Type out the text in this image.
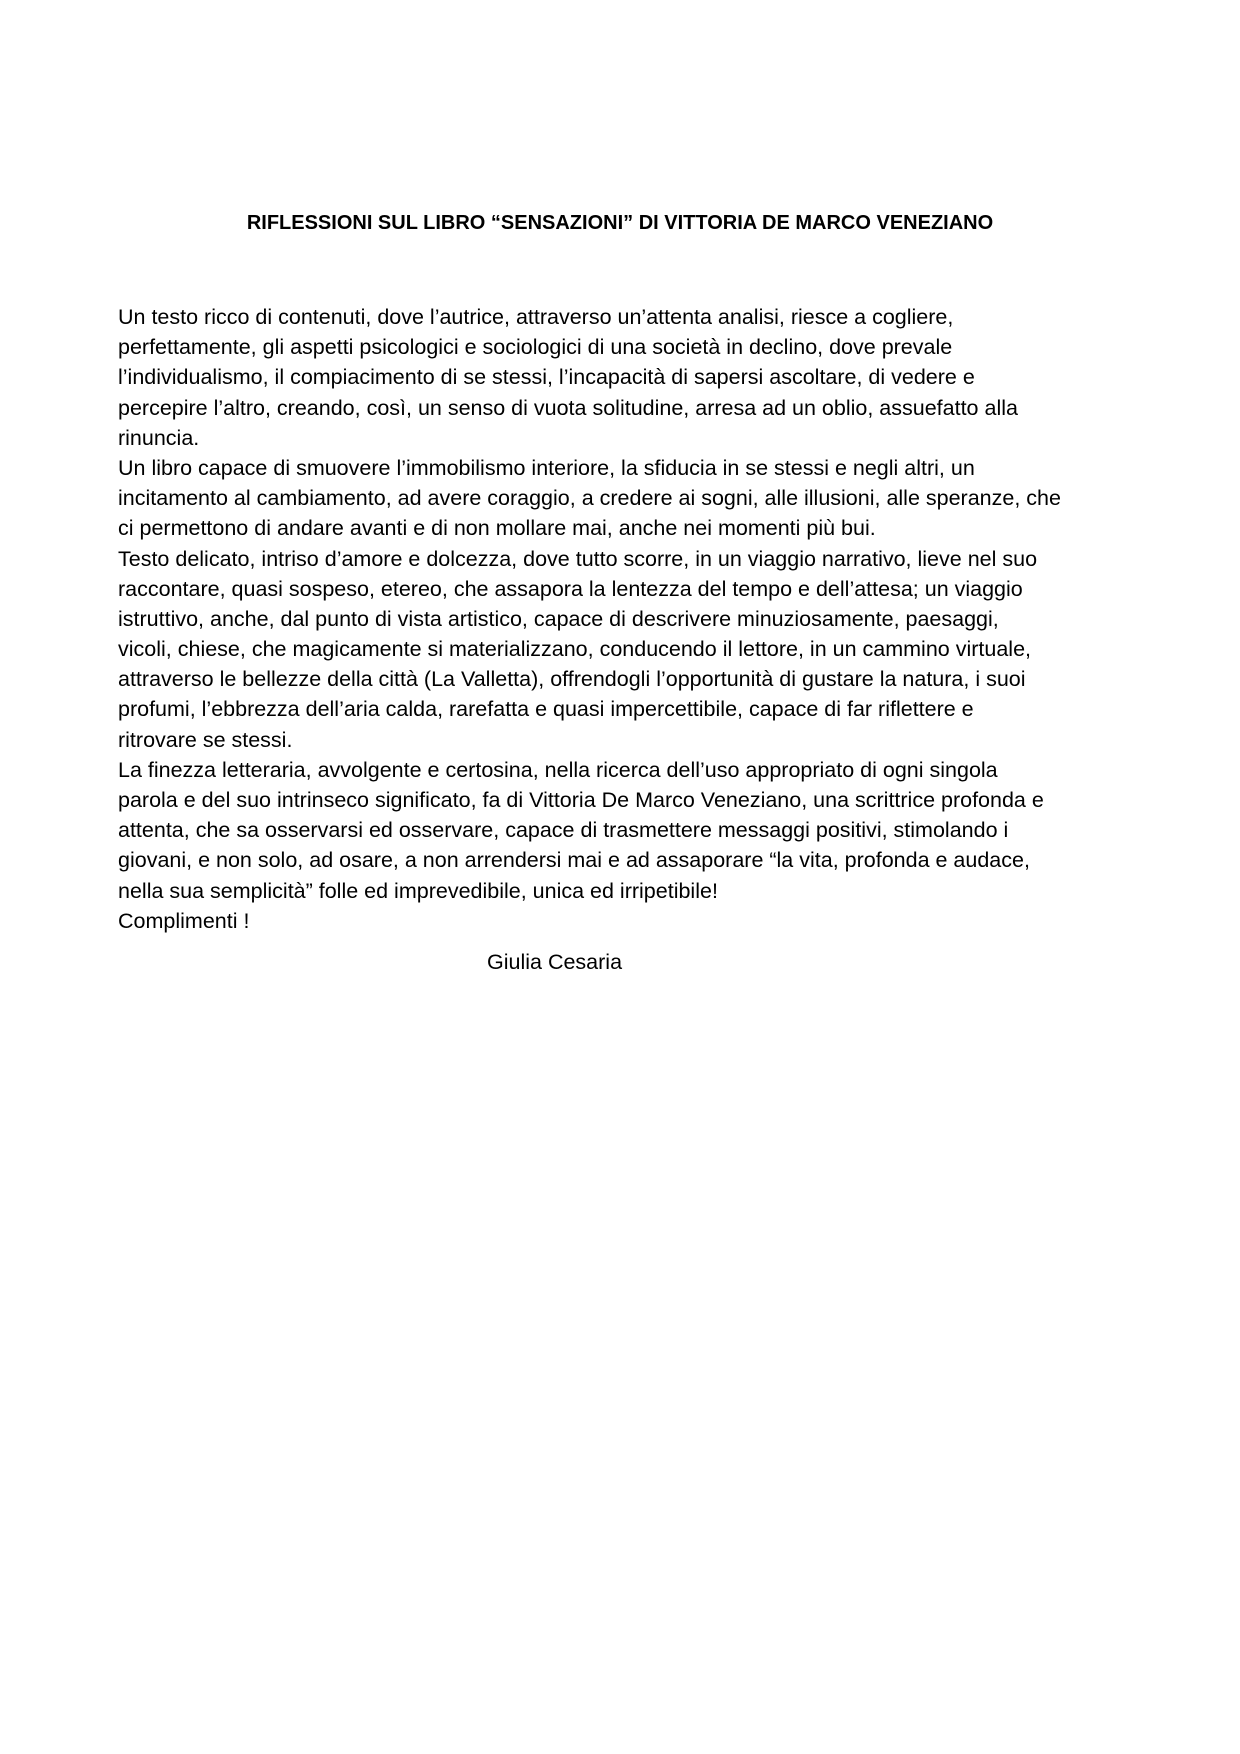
RIFLESSIONI SUL LIBRO “SENSAZIONI” DI VITTORIA DE MARCO VENEZIANO
Un testo ricco di contenuti, dove l’autrice, attraverso un’attenta analisi, riesce a cogliere,
perfettamente, gli aspetti psicologici e sociologici di una società in declino, dove prevale
l’individualismo, il compiacimento di se stessi, l’incapacità di sapersi ascoltare, di vedere e
percepire l’altro, creando, così, un senso di vuota solitudine, arresa ad un oblio, assuefatto alla
rinuncia.
Un libro capace di smuovere l’immobilismo interiore, la sfiducia in se stessi e negli altri, un
incitamento al cambiamento, ad avere coraggio, a credere ai sogni, alle illusioni, alle speranze, che
ci permettono di andare avanti e di non mollare mai, anche nei momenti più bui.
Testo delicato, intriso d’amore e dolcezza, dove tutto scorre, in un viaggio narrativo, lieve nel suo
raccontare, quasi sospeso, etereo, che assapora la lentezza del tempo e dell’attesa; un viaggio
istruttivo, anche, dal punto di vista artistico, capace di descrivere minuziosamente, paesaggi,
vicoli, chiese, che magicamente si materializzano, conducendo il lettore, in un cammino virtuale,
attraverso le bellezze della città (La Valletta), offrendogli l’opportunità di gustare la natura, i suoi
profumi, l’ebbrezza dell’aria calda, rarefatta e quasi impercettibile, capace di far riflettere e
ritrovare se stessi.
La finezza letteraria, avvolgente e certosina, nella ricerca dell’uso appropriato di ogni singola
parola e del suo intrinseco significato, fa di Vittoria De Marco Veneziano, una scrittrice profonda e
attenta, che sa osservarsi ed osservare, capace di trasmettere messaggi positivi, stimolando i
giovani, e non solo, ad osare, a non arrendersi mai e ad assaporare “la vita, profonda e audace,
nella sua semplicità” folle ed imprevedibile, unica ed irripetibile!
Complimenti !

Giulia Cesaria
